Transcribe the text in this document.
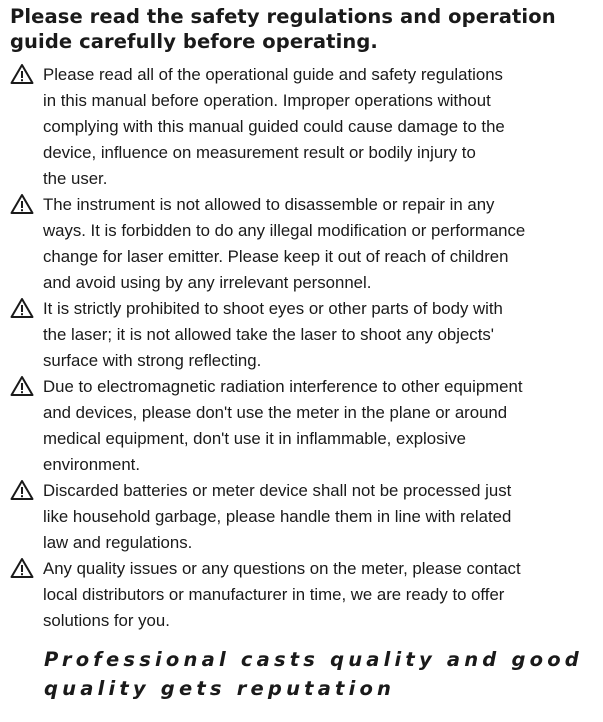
Please read the safety regulations and operation
guide carefully before operating.
Please read all of the operational guide and safety regulations
in this manual before operation. Improper operations without
complying with this manual guided could cause damage to the
device, influence on measurement result or bodily injury to
the user.
The instrument is not allowed to disassemble or repair in any
ways. It is forbidden to do any illegal modification or performance
change for laser emitter. Please keep it out of reach of children
and avoid using by any irrelevant personnel.
It is strictly prohibited to shoot eyes or other parts of body with
the laser; it is not allowed take the laser to shoot any objects'
surface with strong reflecting.
Due to electromagnetic radiation interference to other equipment
and devices, please don't use the meter in the plane or around
medical equipment, don't use it in inflammable, explosive
environment.
Discarded batteries or meter device shall not be processed just
like household garbage, please handle them in line with related
law and regulations.
Any quality issues or any questions on the meter, please contact
local distributors or manufacturer in time, we are ready to offer
solutions for you.
Professional casts quality and good
quality gets reputation
